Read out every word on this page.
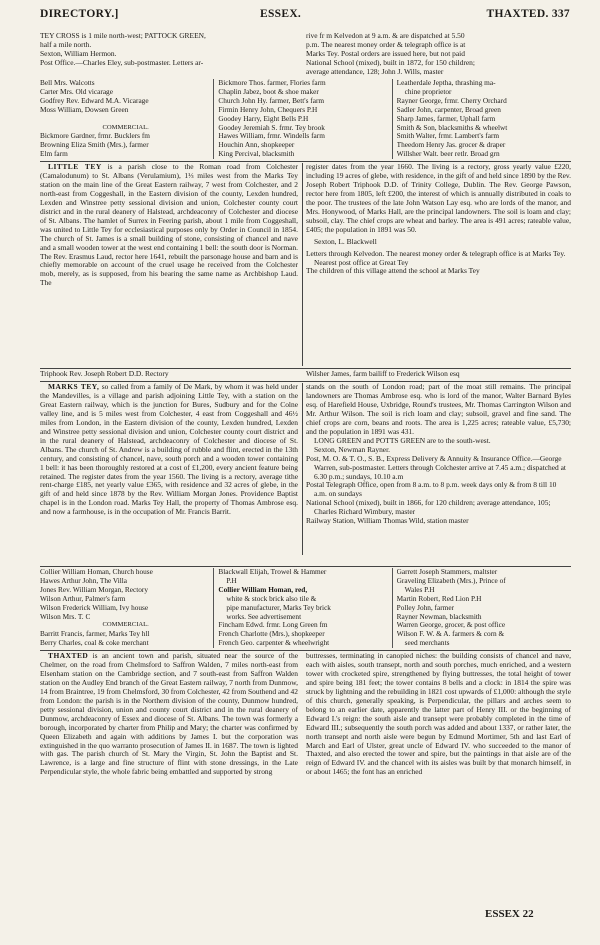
DIRECTORY.]	ESSEX.	THAXTED. 337

TEY CROSS is 1 mile north-west; PATTOCK GREEN,

half a mile north.

Sexton, William Hermon.

Post Office.—Charles Eley, sub-postmaster. Letters ar-

rive fr m Kelvedon at 9 a.m. & are dispatched at 5.50

p.m. The nearest money order & telegraph office is at

Marks Tey. Postal orders are issued here, but not paid

National School (mixed), built in 1872, for 150 children;

average attendance, 128; John J. Wills, master

Bell Mrs. Walcotts

Carter Mrs. Old vicarage

Godfrey Rev. Edward M.A. Vicarage

Moss William, Dowsen Green

COMMERCIAL.

Bickmore Gardner, frmr. Bucklers fm

Browning Eliza Smith (Mrs.), farmer

Elm farm

Bickmore Thos. farmer, Flories farm

Chaplin Jabez, boot & shoe maker

Church John Hy. farmer, Bett's farm

Firmin Henry John, Chequers P.H

Goodey Harry, Eight Bells P.H

Goodey Jeremiah S. frmr. Tey brook

Hawes William, frmr. Windells farm

Houchin Ann, shopkeeper

King Percival, blacksmith

Leatherdale Jeptha, thrashing ma-

chine proprietor

Rayner George, frmr. Cherry Orchard

Sadler John, carpenter, Broad green

Sharp James, farmer, Uphall farm

Smith & Son, blacksmiths & wheelwt

Smith Walter, frmr. Lambert's farm

Theedom Henry Jas. grocer & draper

Willsher Walt. beer retlr. Broad grn

LITTLE TEY is a parish close to the Roman road from Colchester (Camalodunum) to St. Albans (Verulamium), 1⅓ miles west from the Marks Tey station on the main line of the Great Eastern railway, 7 west from Colchester, and 2 north-east from Coggeshall, in the Eastern division of the county, Lexden hundred, Lexden and Winstree petty sessional division and union, Colchester county court district and in the rural deanery of Halstead, archdeaconry of Colchester and diocese of St. Albans. The hamlet of Surrex in Feering parish, about 1 mile from Coggeshall, was united to Little Tey for ecclesiastical purposes only by Order in Council in 1854. The church of St. James is a small building of stone, consisting of chancel and nave and a small wooden tower at the west end containing 1 bell: the south door is Norman. The Rev. Erasmus Laud, rector here 1641, rebuilt the parsonage house and barn and is chiefly memorable on account of the cruel usage he received from the Colchester mob, merely, as is supposed, from his bearing the same name as Archbishop Laud. The

register dates from the year 1660. The living is a rectory, gross yearly value £220, including 19 acres of glebe, with residence, in the gift of and held since 1890 by the Rev. Joseph Robert Triphook D.D. of Trinity College, Dublin. The Rev. George Pawson, rector here from 1805, left £200, the interest of which is annually distributed in coals to the poor. The trustees of the late John Watson Lay esq. who are lords of the manor, and Mrs. Honywood, of Marks Hall, are the principal landowners. The soil is loam and clay; subsoil, clay. The chief crops are wheat and barley. The area is 491 acres; rateable value, £405; the population in 1891 was 50.

Sexton, L. Blackwell

Letters through Kelvedon. The nearest money order & telegraph office is at Marks Tey. Nearest post office at Great Tey

The children of this village attend the school at Marks Tey

Triphook Rev. Joseph Robert D.D. Rectory	Wilsher James, farm bailiff to Frederick Wilson esq

MARKS TEY, so called from a family of De Mark, by whom it was held under the Mandevilles, is a village and parish adjoining Little Tey, with a station on the Great Eastern railway, which is the junction for Bures, Sudbury and for the Colne valley line, and is 5 miles west from Colchester, 4 east from Coggeshall and 46½ miles from London, in the Eastern division of the county, Lexden hundred, Lexden and Winstree petty sessional division and union, Colchester county court district and in the rural deanery of Halstead, archdeaconry of Colchester and diocese of St. Albans. The church of St. Andrew is a building of rubble and flint, erected in the 13th century, and consisting of chancel, nave, south porch and a wooden tower containing 1 bell: it has been thoroughly restored at a cost of £1,200, every ancient feature being retained. The register dates from the year 1560. The living is a rectory, average tithe rent-charge £185, net yearly value £365, with residence and 32 acres of glebe, in the gift of and held since 1878 by the Rev. William Morgan Jones. Providence Baptist chapel is in the London road. Marks Tey Hall, the property of Thomas Ambrose esq. and now a farmhouse, is in the occupation of Mr. Francis Barrit.

stands on the south of London road; part of the moat still remains. The principal landowners are Thomas Ambrose esq. who is lord of the manor, Walter Barnard Byles esq. of Harefield House, Uxbridge, Round's trustees, Mr. Thomas Carrington Wilson and Mr. Arthur Wilson. The soil is rich loam and clay; subsoil, gravel and fine sand. The chief crops are corn, beans and roots. The area is 1,225 acres; rateable value, £5,730; and the population in 1891 was 431.

LONG GREEN and POTTS GREEN are to the south-west.

Sexton, Newman Rayner.

Post, M. O. & T. O., S. B., Express Delivery & Annuity & Insurance Office.—George Warren, sub-postmaster. Letters through Colchester arrive at 7.45 a.m.; dispatched at 6.30 p.m.; sundays, 10.10 a.m

Postal Telegraph Office, open from 8 a.m. to 8 p.m. week days only & from 8 till 10 a.m. on sundays

National School (mixed), built in 1866, for 120 children; average attendance, 105; Charles Richard Wimbury, master

Railway Station, William Thomas Wild, station master

Collier William Homan, Church house

Hawes Arthur John, The Villa

Jones Rev. William Morgan, Rectory

Wilson Arthur, Palmer's farm

Wilson Frederick William, Ivy house

Wilson Mrs. T. C

COMMERCIAL.

Barritt Francis, farmer, Marks Tey hll

Berry Charles, coal & coke merchant

Blackwall Elijah, Trowel & Hammer

P.H

Collier William Homan, red,

white & stock brick also tile &

pipe manufacturer, Marks Tey brick

works. See advertisement

Fincham Edwd. frmr. Long Green fm

French Charlotte (Mrs.), shopkeeper

French Geo. carpenter & wheelwright

Garrett Joseph Stammers, maltster

Graveling Elizabeth (Mrs.), Prince of

Wales P.H

Martin Robert, Red Lion P.H

Polley John, farmer

Rayner Newman, blacksmith

Warren George, grocer, & post office

Wilson F. W. & A. farmers & corn &

seed merchants

THAXTED is an ancient town and parish, situated near the source of the Chelmer, on the road from Chelmsford to Saffron Walden, 7 miles north-east from Elsenham station on the Cambridge section, and 7 south-east from Saffron Walden station on the Audley End branch of the Great Eastern railway, 7 north from Dunmow, 14 from Braintree, 19 from Chelmsford, 30 from Colchester, 42 from Southend and 42 from London: the parish is in the Northern division of the county, Dunmow hundred, petty sessional division, union and county court district and in the rural deanery of Dunmow, archdeaconry of Essex and diocese of St. Albans. The town was formerly a borough, incorporated by charter from Philip and Mary; the charter was confirmed by Queen Elizabeth and again with additions by James I. but the corporation was extinguished in the quo warranto prosecution of James II. in 1687. The town is lighted with gas. The parish church of St. Mary the Virgin, St. John the Baptist and St. Lawrence, is a large and fine structure of flint with stone dressings, in the Late Perpendicular style, the whole fabric being embattled and supported by strong

buttresses, terminating in canopied niches: the building consists of chancel and nave, each with aisles, south transept, north and south porches, much enriched, and a western tower with crocketed spire, strengthened by flying buttresses, the total height of tower and spire being 181 feet; the tower contains 8 bells and a clock: in 1814 the spire was struck by lightning and the rebuilding in 1821 cost upwards of £1,000: although the style of this church, generally speaking, is Perpendicular, the pillars and arches seem to belong to an earlier date, apparently the latter part of Henry III. or the beginning of Edward I.'s reign: the south aisle and transept were probably completed in the time of Edward III.; subsequently the south porch was added and about 1337, or rather later, the north transept and north aisle were begun by Edmund Mortimer, 5th and last Earl of March and Earl of Ulster, great uncle of Edward IV. who succeeded to the manor of Thaxted, and also erected the tower and spire, but the paintings in that aisle are of the reign of Edward IV. and the chancel with its aisles was built by that monarch himself, in or about 1465; the font has an enriched

ESSEX 22
